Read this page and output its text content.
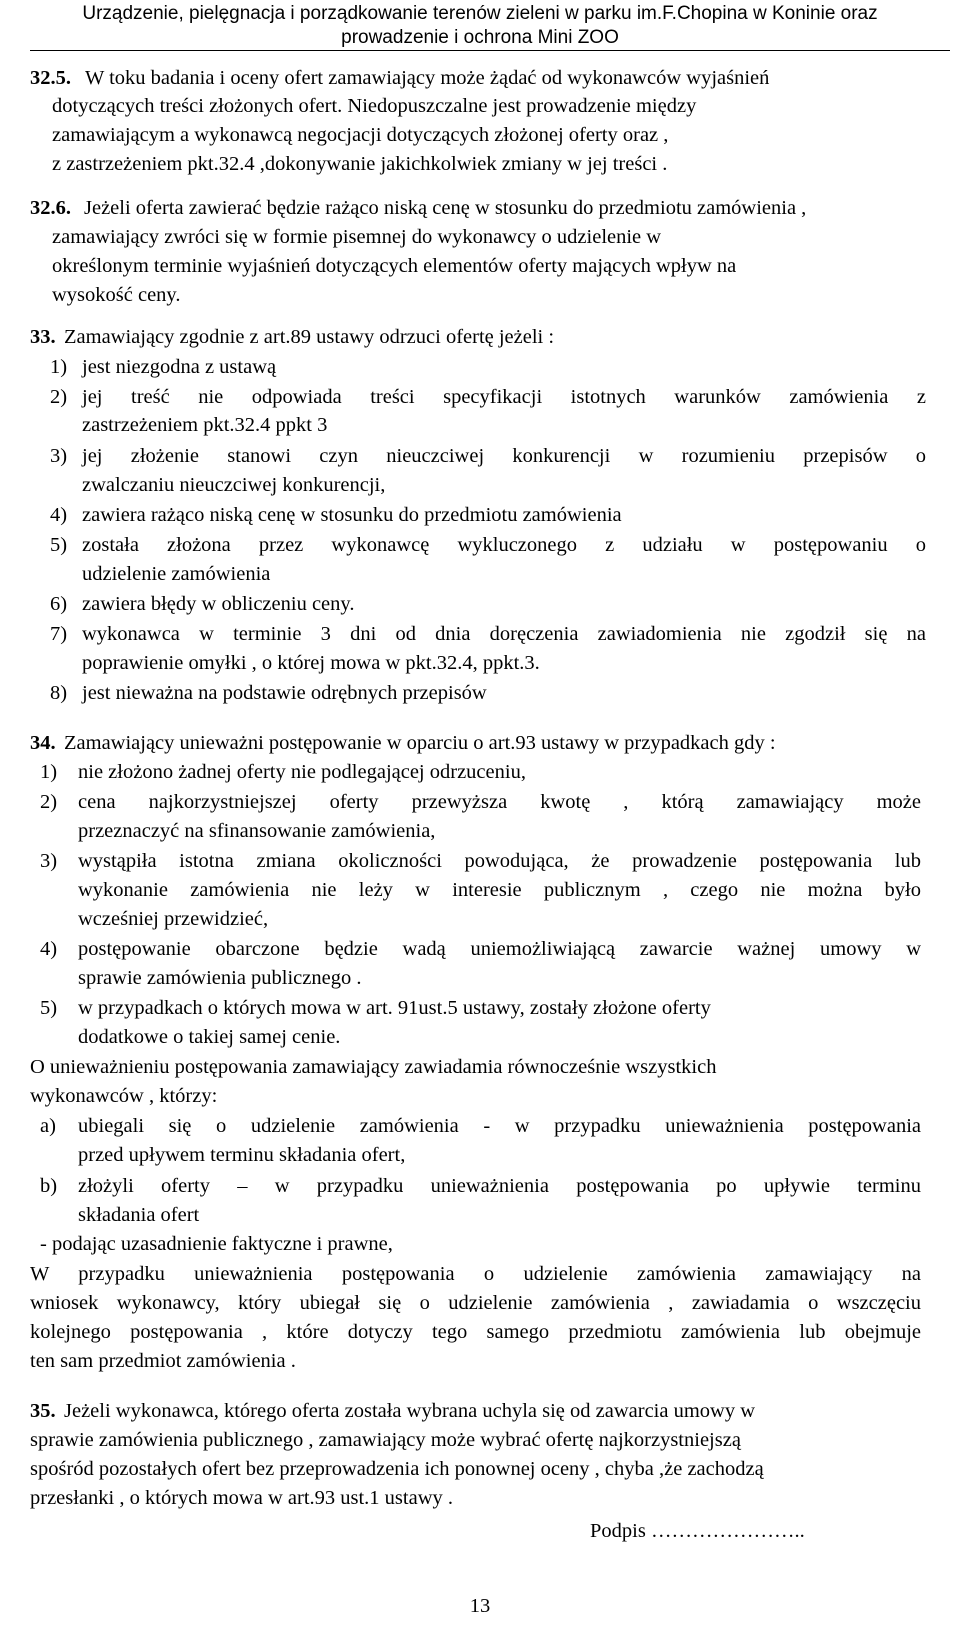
Urządzenie, pielęgnacja i porządkowanie terenów zieleni w parku im.F.Chopina w Koninie oraz
prowadzenie i ochrona Mini ZOO
32.5. W toku badania i oceny ofert zamawiający może żądać od wykonawców wyjaśnień
dotyczących treści złożonych ofert. Niedopuszczalne jest prowadzenie między
zamawiającym a wykonawcą negocjacji dotyczących złożonej oferty oraz ,
z zastrzeżeniem pkt.32.4 ,dokonywanie jakichkolwiek zmiany w jej treści .
32.6. Jeżeli oferta zawierać będzie rażąco niską cenę w stosunku do przedmiotu zamówienia ,
zamawiający zwróci się w formie pisemnej do wykonawcy o udzielenie w
określonym terminie wyjaśnień dotyczących elementów oferty mających wpływ na
wysokość ceny.
33. Zamawiający zgodnie z art.89 ustawy odrzuci ofertę jeżeli :
1) jest niezgodna z ustawą
2) jej treść nie odpowiada treści specyfikacji istotnych warunków zamówienia z
zastrzeżeniem pkt.32.4 ppkt 3
3) jej złożenie stanowi czyn nieuczciwej konkurencji w rozumieniu przepisów o
zwalczaniu nieuczciwej konkurencji,
4) zawiera rażąco niską cenę w stosunku do przedmiotu zamówienia
5) została złożona przez wykonawcę wykluczonego z udziału w postępowaniu o
udzielenie zamówienia
6) zawiera błędy w obliczeniu ceny.
7) wykonawca w terminie 3 dni od dnia doręczenia zawiadomienia nie zgodził się na
poprawienie omyłki , o której mowa w pkt.32.4, ppkt.3.
8) jest nieważna na podstawie odrębnych przepisów
34. Zamawiający unieważni postępowanie w oparciu o art.93 ustawy w przypadkach gdy :
1) nie złożono żadnej oferty nie podlegającej odrzuceniu,
2) cena najkorzystniejszej oferty przewyższa kwotę , którą zamawiający może
przeznaczyć na sfinansowanie zamówienia,
3) wystąpiła istotna zmiana okoliczności powodująca, że prowadzenie postępowania lub
wykonanie zamówienia nie leży w interesie publicznym , czego nie można było
wcześniej przewidzieć,
4) postępowanie obarczone będzie wadą uniemożliwiającą zawarcie ważnej umowy w
sprawie zamówienia publicznego .
5) w przypadkach o których mowa w art. 91ust.5 ustawy, zostały złożone oferty
dodatkowe o takiej samej cenie.
O unieważnieniu postępowania zamawiający zawiadamia równocześnie wszystkich
wykonawców , którzy:
a) ubiegali się o udzielenie zamówienia - w przypadku unieważnienia postępowania
przed upływem terminu składania ofert,
b) złożyli oferty – w przypadku unieważnienia postępowania po upływie terminu
składania ofert
- podając uzasadnienie faktyczne i prawne,
W przypadku unieważnienia postępowania o udzielenie zamówienia zamawiający na
wniosek wykonawcy, który ubiegał się o udzielenie zamówienia , zawiadamia o wszczęciu
kolejnego postępowania , które dotyczy tego samego przedmiotu zamówienia lub obejmuje
ten sam przedmiot zamówienia .
35. Jeżeli wykonawca, którego oferta została wybrana uchyla się od zawarcia umowy w
sprawie zamówienia publicznego , zamawiający może wybrać ofertę najkorzystniejszą
spośród pozostałych ofert bez przeprowadzenia ich ponownej oceny , chyba ,że zachodzą
przesłanki , o których mowa w art.93 ust.1 ustawy .
Podpis …………………..
13
